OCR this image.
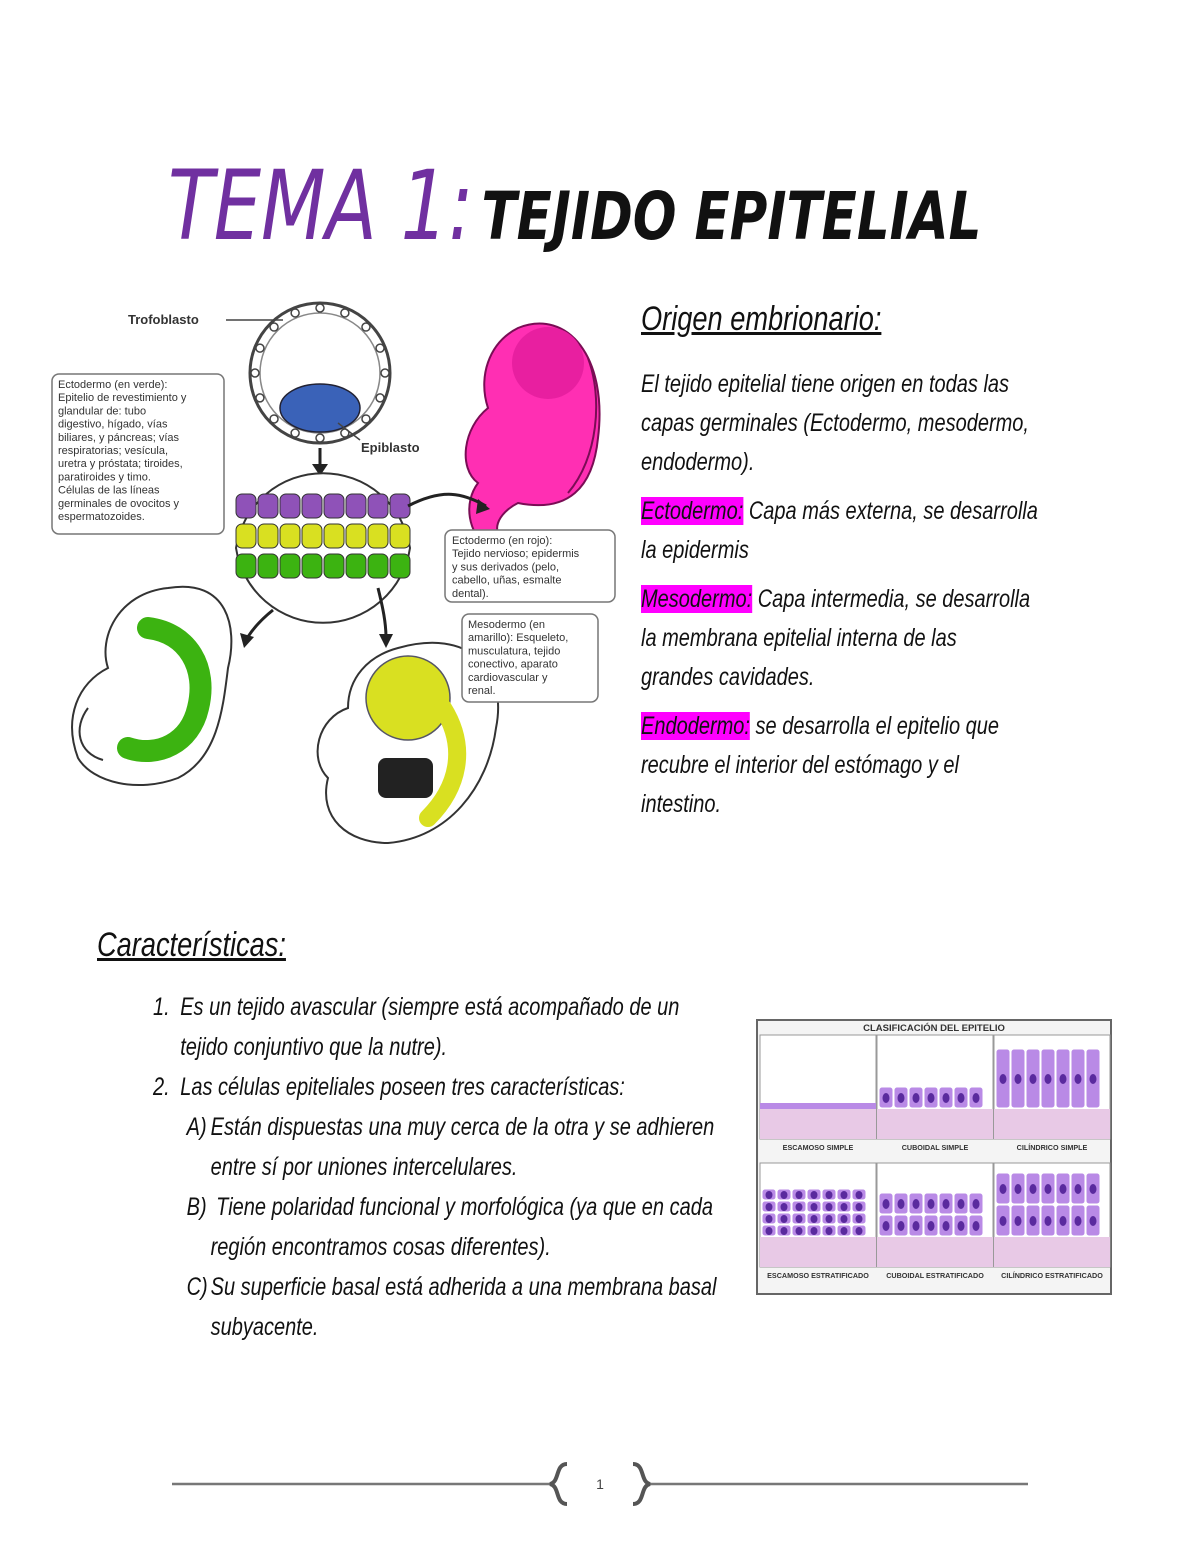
TEMA 1: TEJIDO EPITELIAL
Trofoblasto
Epiblasto
Ectodermo (en verde): Epitelio de revestimiento y glandular de: tubo digestivo, hígado, vías biliares, y páncreas; vías respiratorias; vesícula, uretra y próstata; tiroides, paratiroides y timo. Células de las líneas germinales de ovocitos y espermatozoides.
Ectodermo (en rojo): Tejido nervioso; epidermis y sus derivados (pelo, cabello, uñas, esmalte dental).
Mesodermo (en amarillo): Esqueleto, musculatura, tejido conectivo, aparato cardiovascular y renal.
Origen embrionario:
El tejido epitelial tiene origen en todas las
capas germinales (Ectodermo, mesodermo,
endodermo).
Ectodermo: Capa más externa, se desarrolla
la epidermis
Mesodermo: Capa intermedia, se desarrolla
la membrana epitelial interna de las
grandes cavidades.
Endodermo: se desarrolla el epitelio que
recubre el interior del estómago y el
intestino.
Características:
1. Es un tejido avascular (siempre está acompañado de un
tejido conjuntivo que la nutre).
2. Las células epiteliales poseen tres características:
A) Están dispuestas una muy cerca de la otra y se adhieren
entre sí por uniones intercelulares.
B) Tiene polaridad funcional y morfológica (ya que en cada
región encontramos cosas diferentes).
C) Su superficie basal está adherida a una membrana basal
subyacente.
CLASIFICACIÓN DEL EPITELIO
ESCAMOSO SIMPLE	CUBOIDAL SIMPLE	CILÍNDRICO SIMPLE
ESCAMOSO ESTRATIFICADO CUBOIDAL ESTRATIFICADO CILÍNDRICO ESTRATIFICADO
1
